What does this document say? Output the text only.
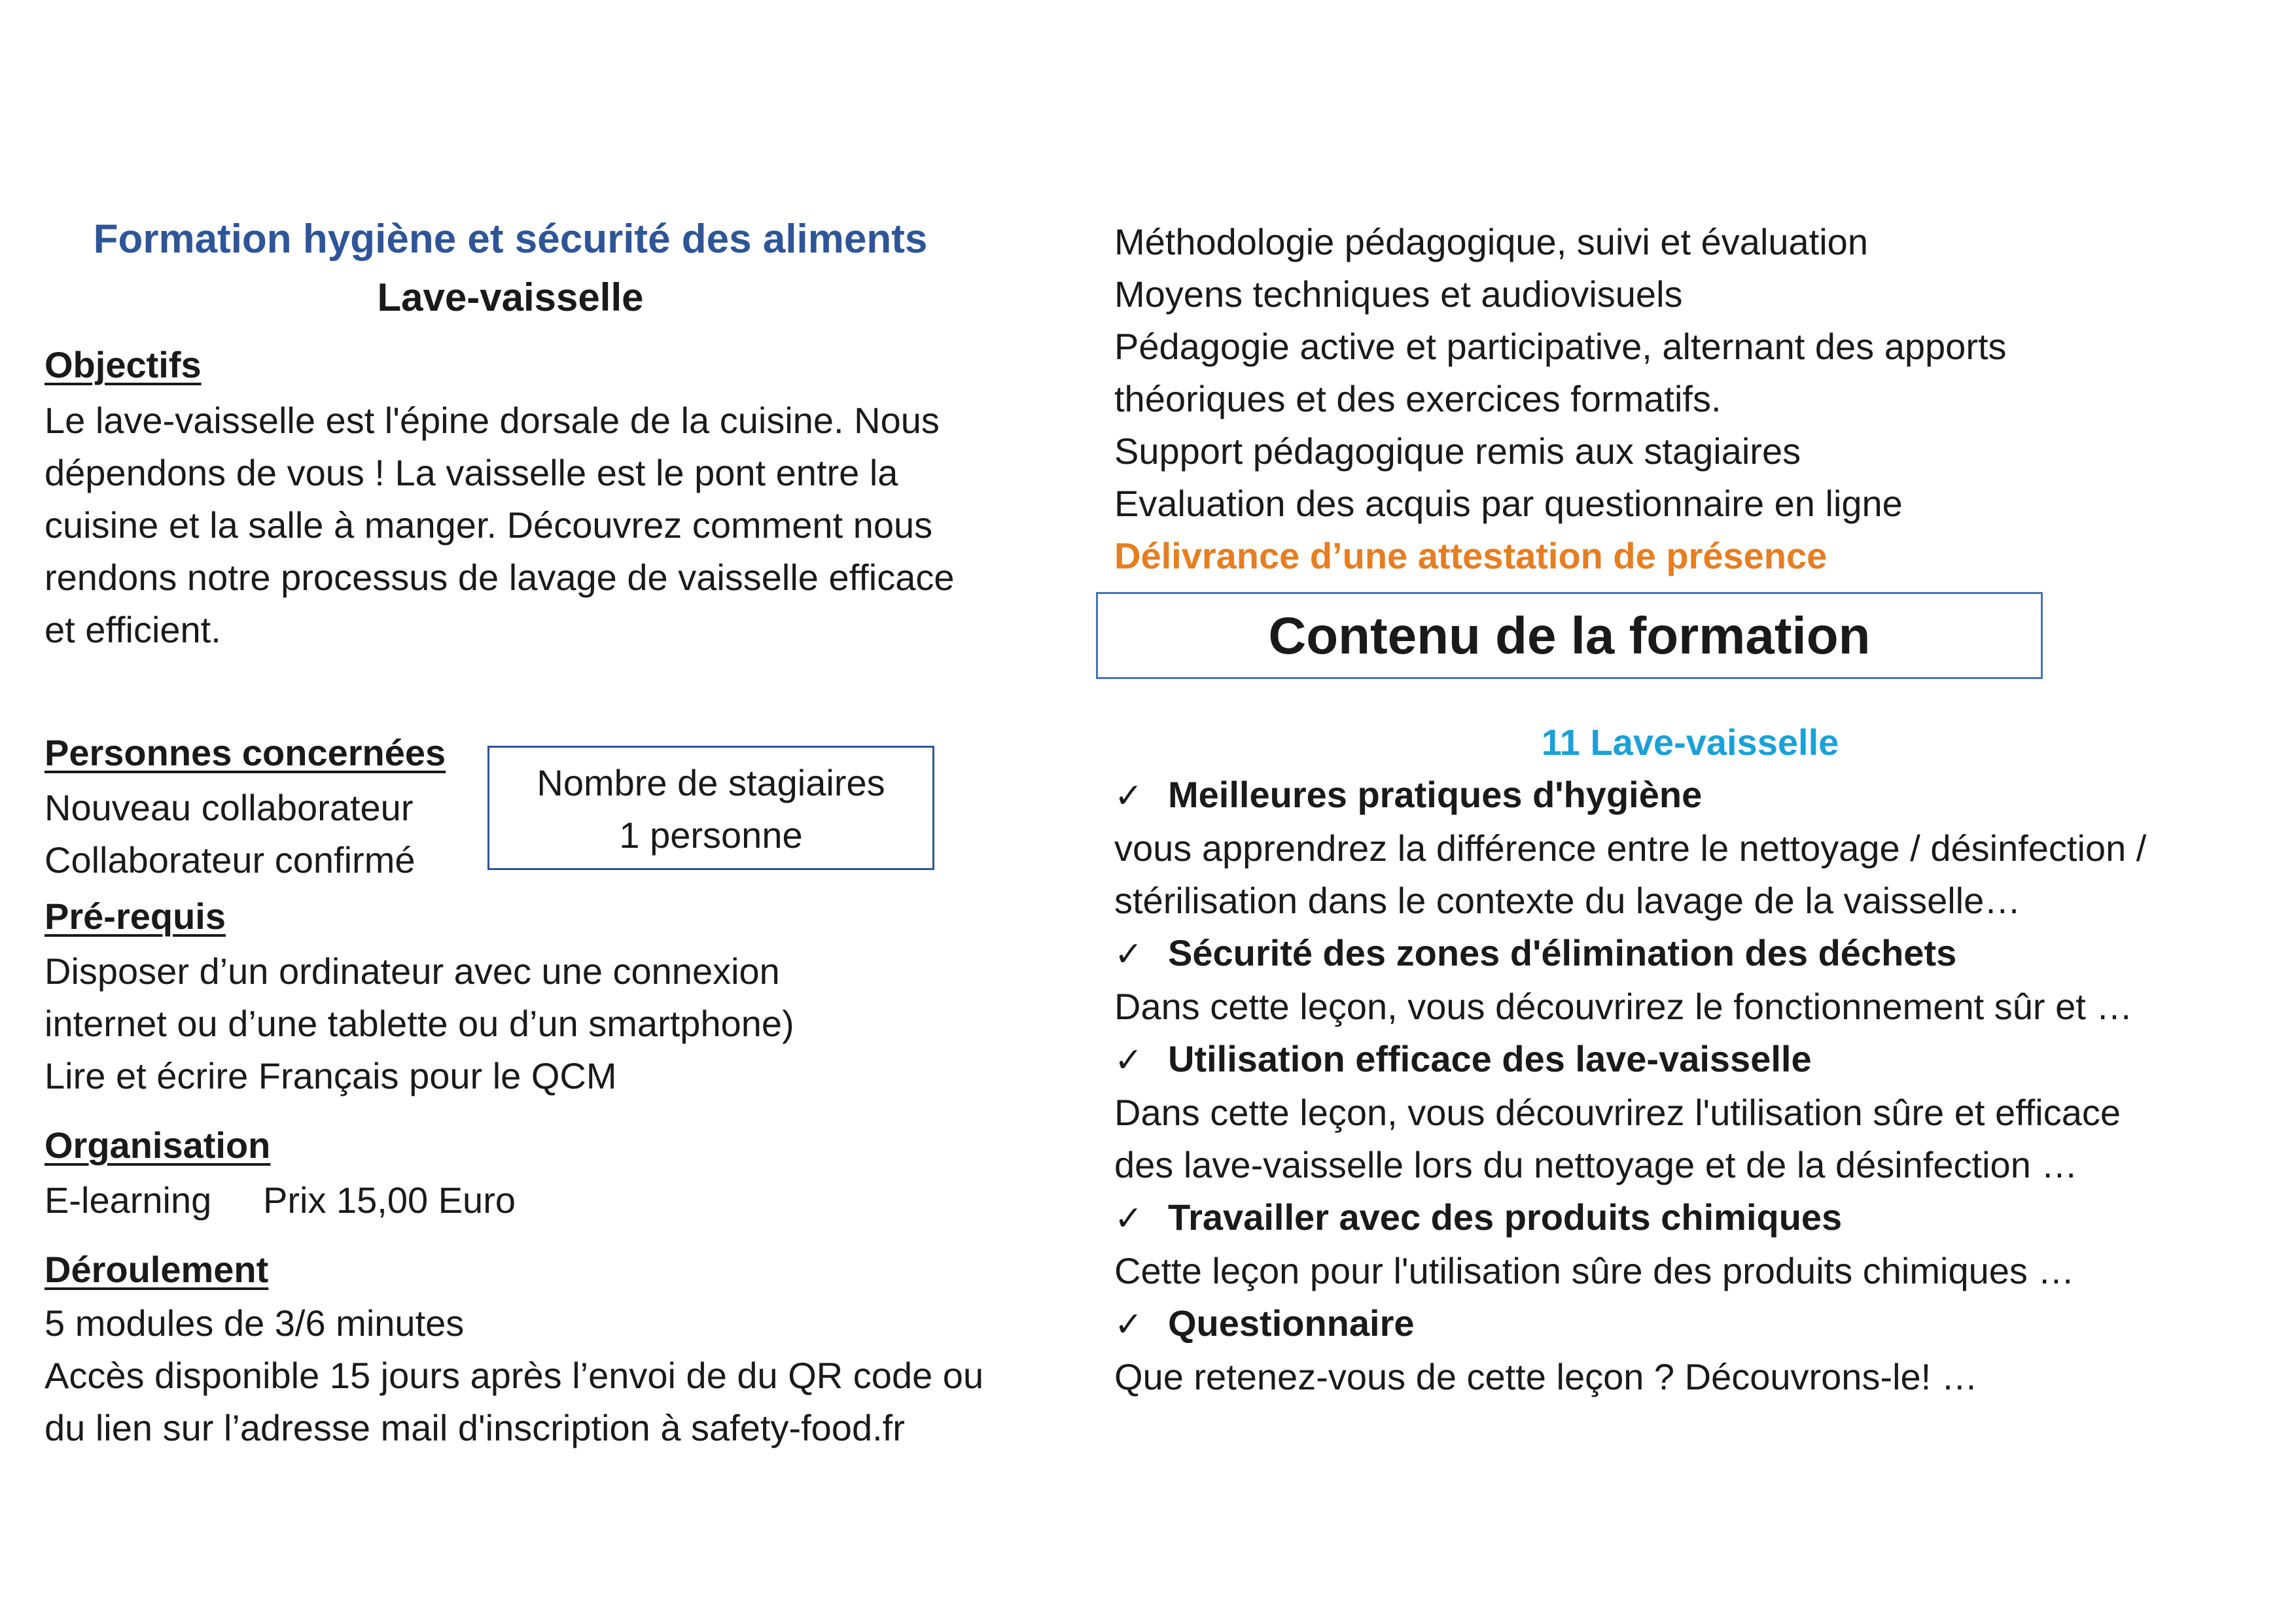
Formation hygiène et sécurité des aliments
Lave-vaisselle
Objectifs
Le lave-vaisselle est l'épine dorsale de la cuisine. Nous
dépendons de vous ! La vaisselle est le pont entre la
cuisine et la salle à manger. Découvrez comment nous
rendons notre processus de lavage de vaisselle efficace
et efficient.
Personnes concernées
Nouveau collaborateur
Collaborateur confirmé
Nombre de stagiaires
1 personne
Pré-requis
Disposer d’un ordinateur avec une connexion
internet ou d’une tablette ou d’un smartphone)
Lire et écrire Français pour le QCM
Organisation
E-learning Prix 15,00 Euro
Déroulement
5 modules de 3/6 minutes
Accès disponible 15 jours après l’envoi de du QR code ou
du lien sur l’adresse mail d'inscription à safety-food.fr
Méthodologie pédagogique, suivi et évaluation
Moyens techniques et audiovisuels
Pédagogie active et participative, alternant des apports
théoriques et des exercices formatifs.
Support pédagogique remis aux stagiaires
Evaluation des acquis par questionnaire en ligne
Délivrance d’une attestation de présence
Contenu de la formation
11 Lave-vaisselle
✓ Meilleures pratiques d'hygiène
vous apprendrez la différence entre le nettoyage / désinfection /
stérilisation dans le contexte du lavage de la vaisselle…
✓ Sécurité des zones d'élimination des déchets
Dans cette leçon, vous découvrirez le fonctionnement sûr et …
✓ Utilisation efficace des lave-vaisselle
Dans cette leçon, vous découvrirez l'utilisation sûre et efficace
des lave-vaisselle lors du nettoyage et de la désinfection …
✓ Travailler avec des produits chimiques
Cette leçon pour l'utilisation sûre des produits chimiques …
✓ Questionnaire
Que retenez-vous de cette leçon ? Découvrons-le! …
